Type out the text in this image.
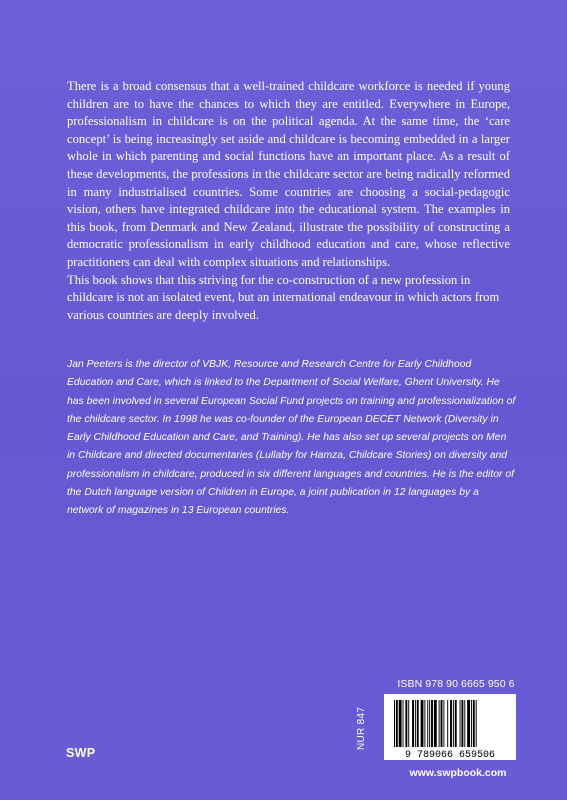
There is a broad consensus that a well-trained childcare workforce is needed if young children are to have the chances to which they are entitled. Everywhere in Europe, professionalism in childcare is on the political agenda. At the same time, the ‘care concept’ is being increasingly set aside and childcare is becoming embedded in a larger whole in which parenting and social functions have an important place. As a result of these developments, the professions in the childcare sector are being radically reformed in many industrialised countries. Some countries are choosing a social-pedagogic vision, others have integrated childcare into the educational system. The examples in this book, from Denmark and New Zealand, illustrate the possibility of constructing a democratic professionalism in early childhood education and care, whose reflective practitioners can deal with complex situations and relationships.

This book shows that this striving for the co-construction of a new profession in childcare is not an isolated event, but an international endeavour in which actors from various countries are deeply involved.

Jan Peeters is the director of VBJK, Resource and Research Centre for Early Childhood Education and Care, which is linked to the Department of Social Welfare, Ghent University. He has been involved in several European Social Fund projects on training and professionalization of the childcare sector. In 1998 he was co-founder of the European DECET Network (Diversity in Early Childhood Education and Care, and Training). He has also set up several projects on Men in Childcare and directed documentaries (Lullaby for Hamza, Childcare Stories) on diversity and professionalism in childcare, produced in six different languages and countries. He is the editor of the Dutch language version of Children in Europe, a joint publication in 12 languages by a network of magazines in 13 European countries.

ISBN 978 90 6665 950 6
9 789066 659506
NUR 847
SWP
www.swpbook.com
